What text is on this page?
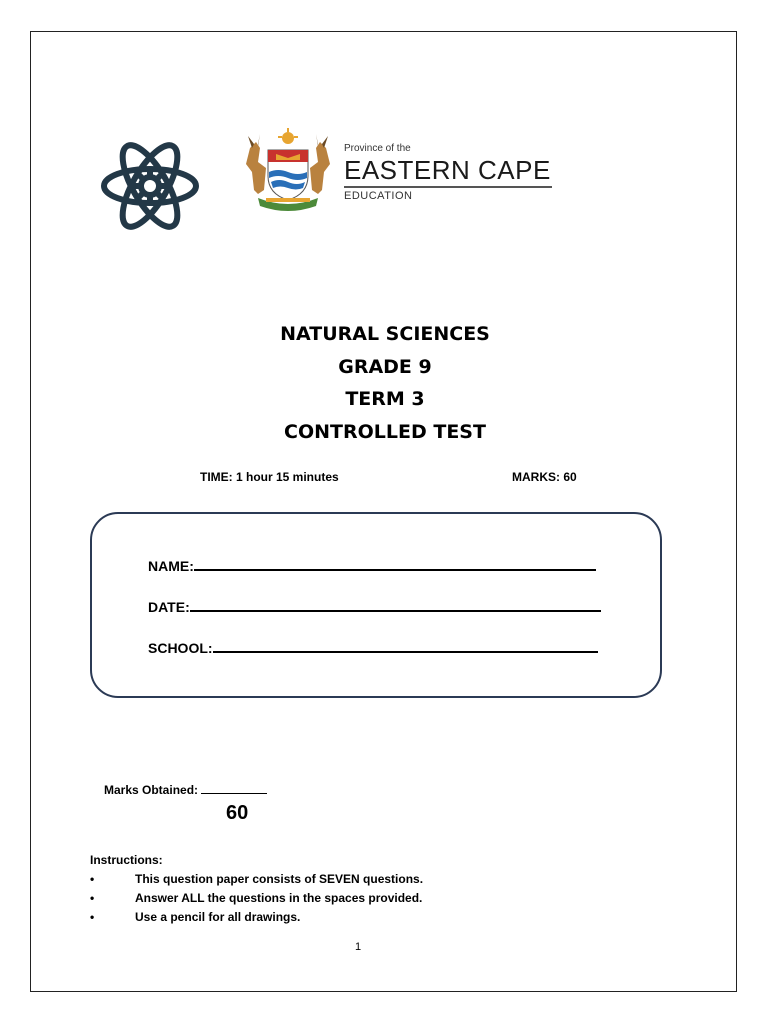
Province of the
EASTERN CAPE
EDUCATION
NATURAL SCIENCES
GRADE 9
TERM 3
CONTROLLED TEST
TIME: 1 hour 15 minutes	MARKS: 60
NAME:
DATE:
SCHOOL:
Marks Obtained:
60
Instructions:
•	This question paper consists of SEVEN questions.
•	Answer ALL the questions in the spaces provided.
•	Use a pencil for all drawings.
1
